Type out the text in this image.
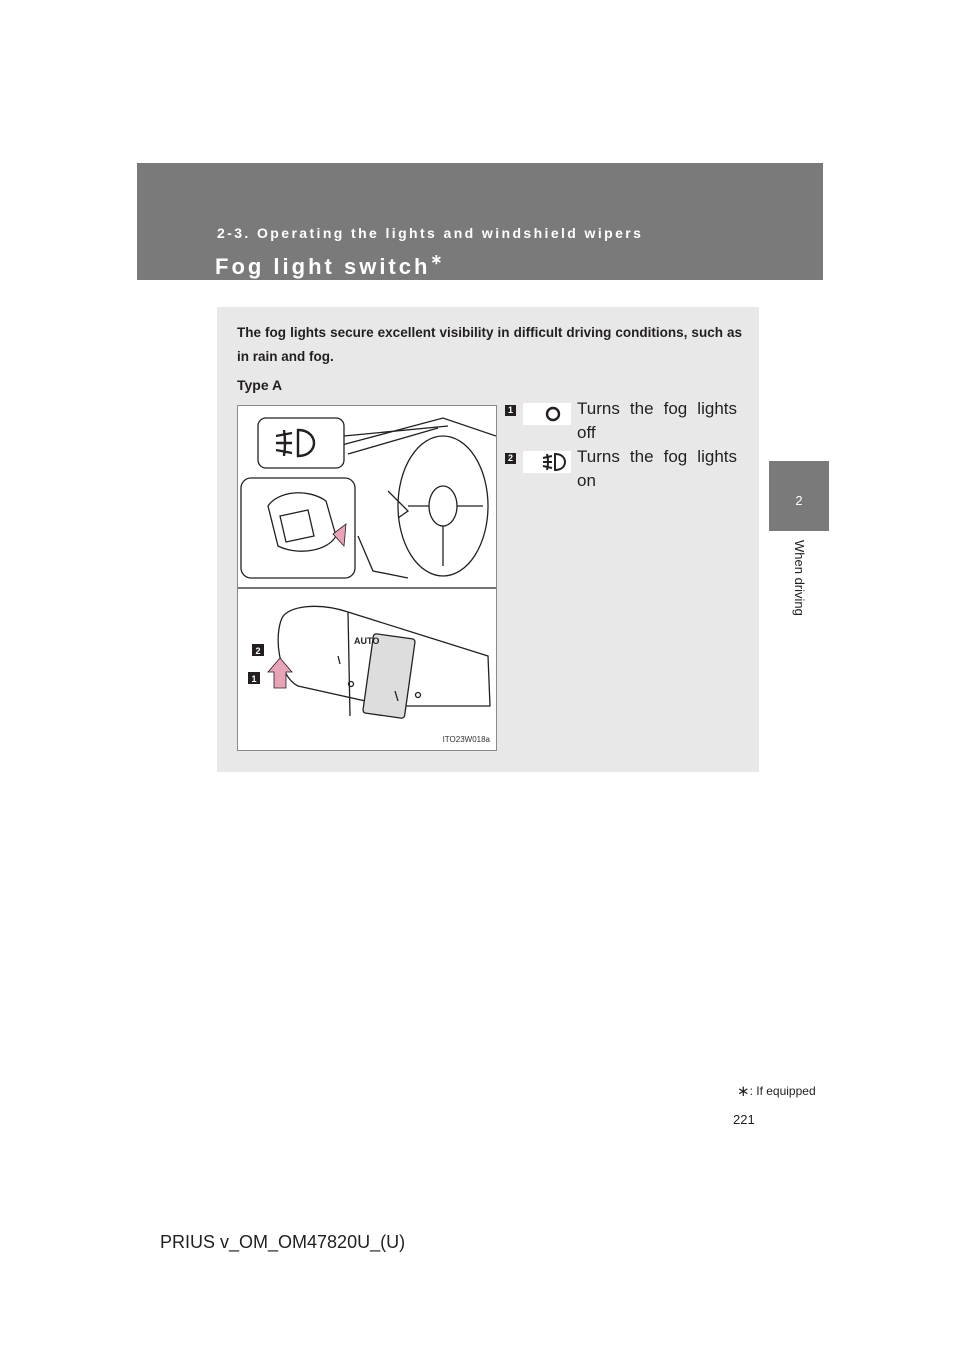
2-3. Operating the lights and windshield wipers
Fog light switch∗
2
When driving
The fog lights secure excellent visibility in difficult driving conditions, such as in rain and fog.
Type A
AUTO
2
1
ITO23W018a
1	Turns the fog lights
off
2	Turns the fog lights
on
∗: If equipped
221
PRIUS v_OM_OM47820U_(U)
